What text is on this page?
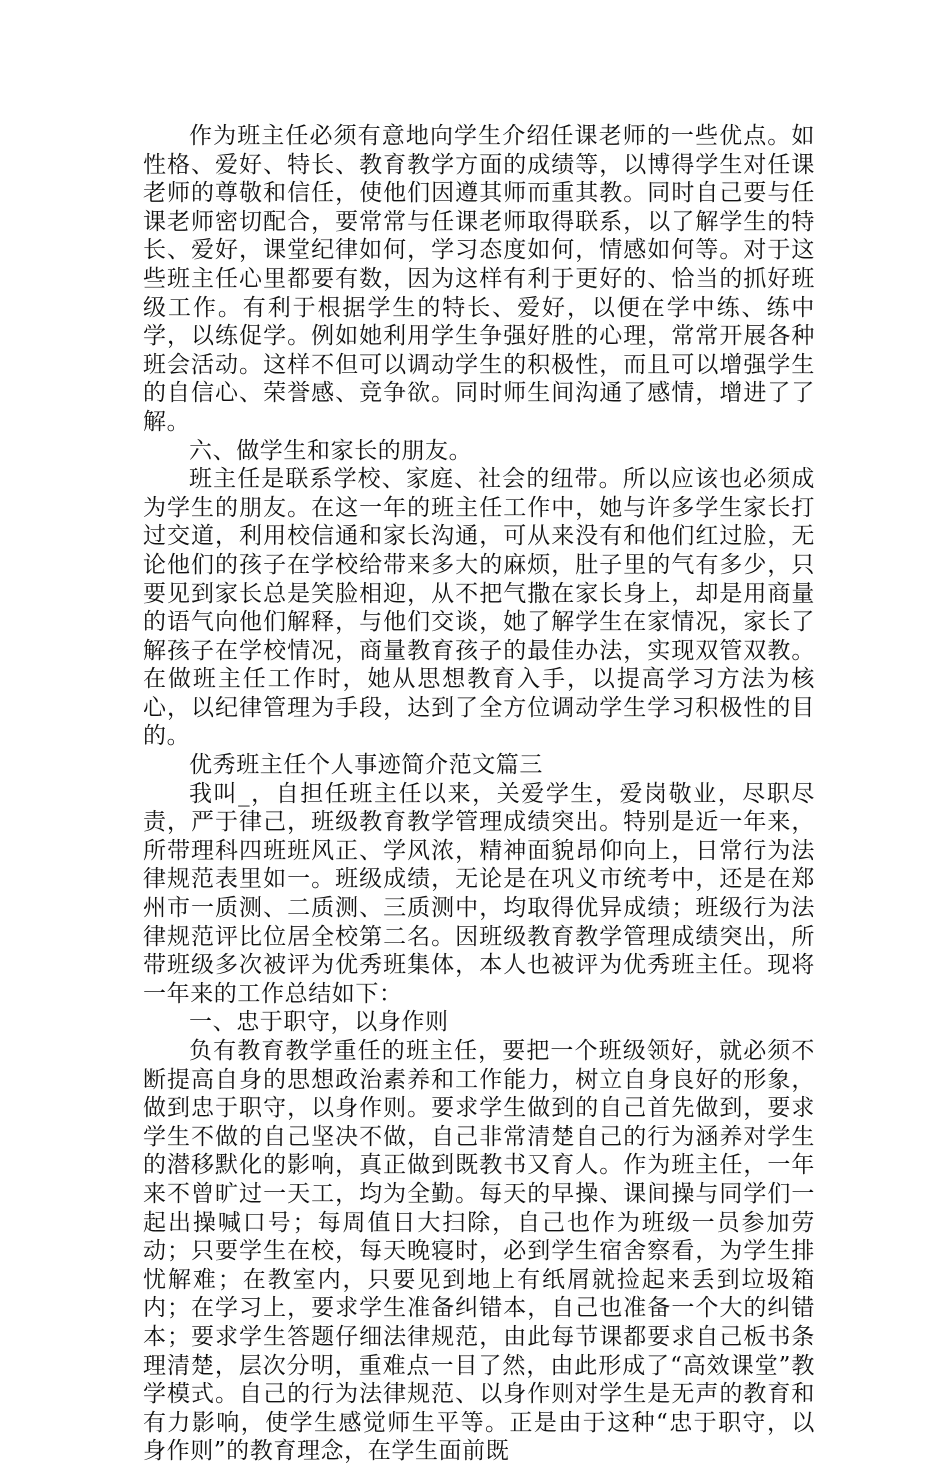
作为班主任必须有意地向学生介绍任课老师的一些优点。如性格、爱好、特长、教育教学方面的成绩等，以博得学生对任课老师的尊敬和信任，使他们因遵其师而重其教。同时自己要与任课老师密切配合，要常常与任课老师取得联系，以了解学生的特长、爱好，课堂纪律如何，学习态度如何，情感如何等。对于这些班主任心里都要有数，因为这样有利于更好的、恰当的抓好班级工作。有利于根据学生的特长、爱好，以便在学中练、练中学，以练促学。例如她利用学生争强好胜的心理，常常开展各种班会活动。这样不但可以调动学生的积极性，而且可以增强学生的自信心、荣誉感、竞争欲。同时师生间沟通了感情，增进了了解。

六、做学生和家长的朋友。

班主任是联系学校、家庭、社会的纽带。所以应该也必须成为学生的朋友。在这一年的班主任工作中，她与许多学生家长打过交道，利用校信通和家长沟通，可从来没有和他们红过脸，无论他们的孩子在学校给带来多大的麻烦，肚子里的气有多少，只要见到家长总是笑脸相迎，从不把气撒在家长身上，却是用商量的语气向他们解释，与他们交谈，她了解学生在家情况，家长了解孩子在学校情况，商量教育孩子的最佳办法，实现双管双教。在做班主任工作时，她从思想教育入手，以提高学习方法为核心，以纪律管理为手段，达到了全方位调动学生学习积极性的目的。

优秀班主任个人事迹简介范文篇三

我叫_，自担任班主任以来，关爱学生，爱岗敬业，尽职尽责，严于律己，班级教育教学管理成绩突出。特别是近一年来，所带理科四班班风正、学风浓，精神面貌昂仰向上，日常行为法律规范表里如一。班级成绩，无论是在巩义市统考中，还是在郑州市一质测、二质测、三质测中，均取得优异成绩；班级行为法律规范评比位居全校第二名。因班级教育教学管理成绩突出，所带班级多次被评为优秀班集体，本人也被评为优秀班主任。现将一年来的工作总结如下：

一、忠于职守，以身作则

负有教育教学重任的班主任，要把一个班级领好，就必须不断提高自身的思想政治素养和工作能力，树立自身良好的形象，做到忠于职守，以身作则。要求学生做到的自己首先做到，要求学生不做的自己坚决不做，自己非常清楚自己的行为涵养对学生的潜移默化的影响，真正做到既教书又育人。作为班主任，一年来不曾旷过一天工，均为全勤。每天的早操、课间操与同学们一起出操喊口号；每周值日大扫除，自己也作为班级一员参加劳动；只要学生在校，每天晚寝时，必到学生宿舍察看，为学生排忧解难；在教室内，只要见到地上有纸屑就捡起来丢到垃圾箱内；在学习上，要求学生准备纠错本，自己也准备一个大的纠错本；要求学生答题仔细法律规范，由此每节课都要求自己板书条理清楚，层次分明，重难点一目了然，由此形成了“高效课堂”教学模式。自己的行为法律规范、以身作则对学生是无声的教育和有力影响，使学生感觉师生平等。正是由于这种“忠于职守，以身作则”的教育理念，在学生面前既
